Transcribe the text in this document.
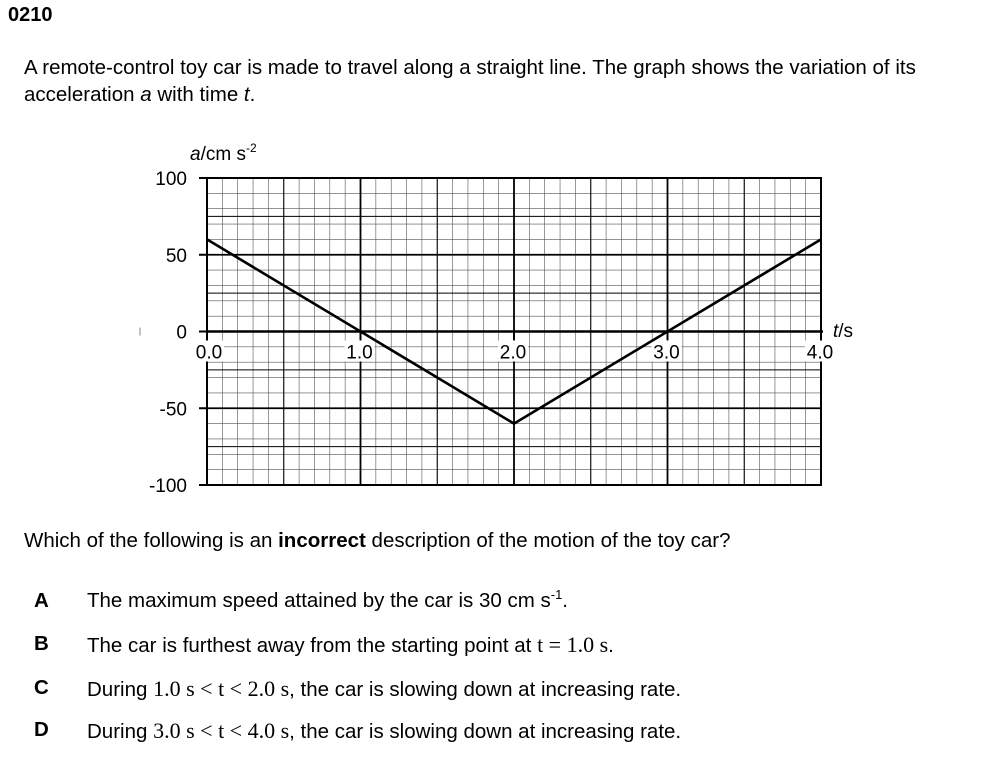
0210
A remote-control toy car is made to travel along a straight line. The graph shows the variation of its acceleration a with time t.
100
50
0
-50
-100
0.0	1.0	2.0	3.0	4.0
a/cm $s^{-2}$
t/s
Which of the following is an incorrect description of the motion of the toy car?
A The maximum speed attained by the car is 30 cm $s^{-1}$.
B The car is furthest away from the starting point at t = 1.0 s.
C During 1.0 s < t < 2.0 s, the car is slowing down at increasing rate.
D During 3.0 s < t < 4.0 s, the car is slowing down at increasing rate.
